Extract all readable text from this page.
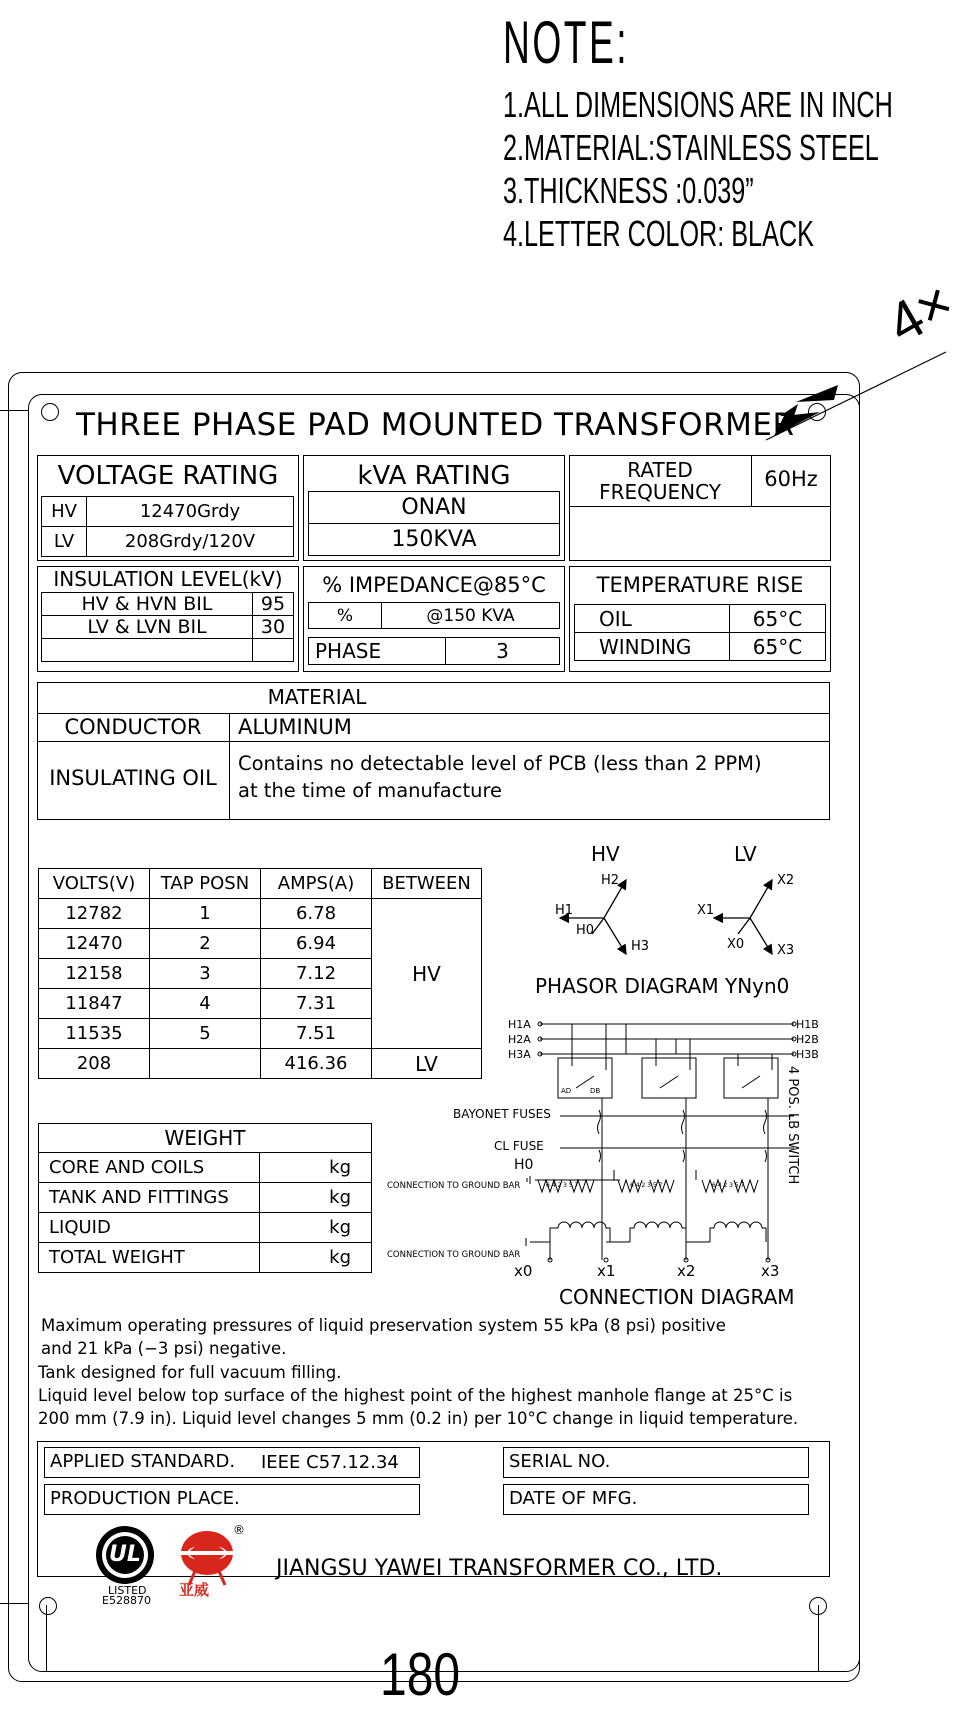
NOTE:
1.ALL DIMENSIONS ARE IN INCH
2.MATERIAL:STAINLESS STEEL
3.THICKNESS :0.039”
4.LETTER COLOR: BLACK
4×
THREE PHASE PAD MOUNTED TRANSFORMER
VOLTAGE RATING
HV	12470Grdy
LV	208Grdy/120V
kVA RATING
ONAN
150KVA
RATED
FREQUENCY
60Hz
INSULATION LEVEL(kV)
HV & HVN BIL	95
LV & LVN BIL	30

% IMPEDANCE@85°C
%	@150 KVA
PHASE	3
TEMPERATURE RISE
OIL	65°C
WINDING	65°C
MATERIAL
CONDUCTOR	ALUMINUM
INSULATING OIL
Contains no detectable level of PCB (less than 2 PPM)
at the time of manufacture
VOLTS(V)	TAP POSN	AMPS(A)	BETWEEN
12782	1	6.78	HV
12470	2	6.94	
12158	3	7.12	
11847	4	7.31	
11535	5	7.51	
208		416.36	LV
HV	LV
H1
H2
H3
H0
X1
X2
X3
X0
PHASOR DIAGRAM YNyn0
H1A
H2A
H3A
H1B
H2B
H3B
AD	DB	4 POS. LB SWITCH
BAYONET FUSES
CL FUSE
H0
CONNECTION TO GROUND BAR	6 4 2 3 5 7	6 4 2 3 5 7	6 4 2 3 5 7
CONNECTION TO GROUND BAR
x0	x1	x2	x3
CONNECTION DIAGRAM
WEIGHT	
CORE AND COILS	kg
TANK AND FITTINGS	kg
LIQUID	kg
TOTAL WEIGHT	kg
Maximum operating pressures of liquid preservation system 55 kPa (8 psi) positive
and 21 kPa (−3 psi) negative.
Tank designed for full vacuum filling.
Liquid level below top surface of the highest point of the highest manhole flange at 25°C is
200 mm (7.9 in). Liquid level changes 5 mm (0.2 in) per 10°C change in liquid temperature.
APPLIED STANDARD. IEEE C57.12.34
PRODUCTION PLACE.
SERIAL NO.
DATE OF MFG.
UL
LISTED
E528870
亚威
®
JIANGSU YAWEI TRANSFORMER CO., LTD.
180
